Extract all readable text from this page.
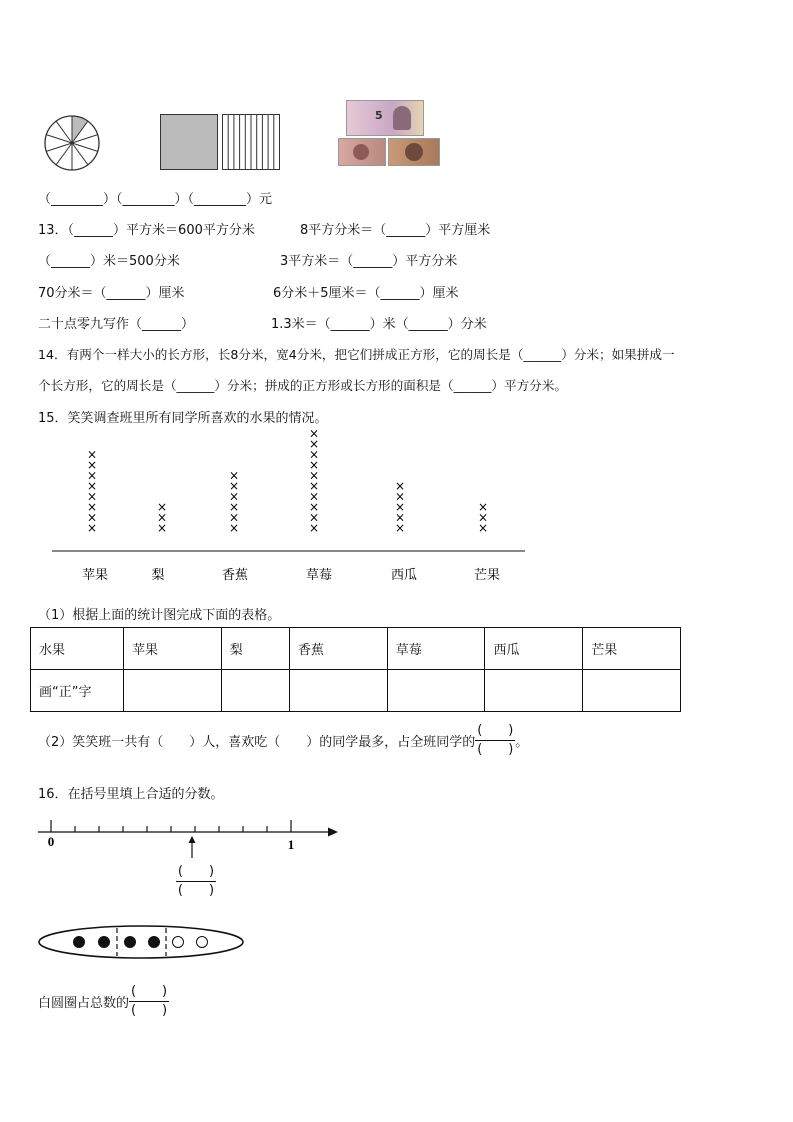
5
（________）（________）（________）元
13．（______）平方米＝600平方分米	8平方分米＝（______）平方厘米
（______）米＝500分米	3平方米＝（______）平方分米
70分米＝（______）厘米	6分米＋5厘米＝（______）厘米
二十点零九写作（______）	1.3米＝（______）米（______）分米
14．有两个一样大小的长方形，长8分米，宽4分米，把它们拼成正方形，它的周长是（______）分米；如果拼成一
个长方形，它的周长是（______）分米；拼成的正方形或长方形的面积是（______）平方分米。
15．笑笑调查班里所有同学所喜欢的水果的情况。
×
×
×
×
×
×
×
×
×
×
×
×
×
×
×
×
×
×
×
×
×
×
×
×
×
×
×
×
×
×
×
×
×
×
×
苹果	梨	香蕉	草莓	西瓜	芒果
（1）根据上面的统计图完成下面的表格。
水果	苹果	梨	香蕉	草莓	西瓜	芒果
画“正”字						
（2）笑笑班一共有（　　）人，喜欢吃（　　）的同学最多，占全班同学的 $\frac{( )}{( )}$ 。
16．在括号里填上合适的分数。
0	1
$\frac{( )}{( )}$
白圆圈占总数的 $\frac{( )}{( )}$
